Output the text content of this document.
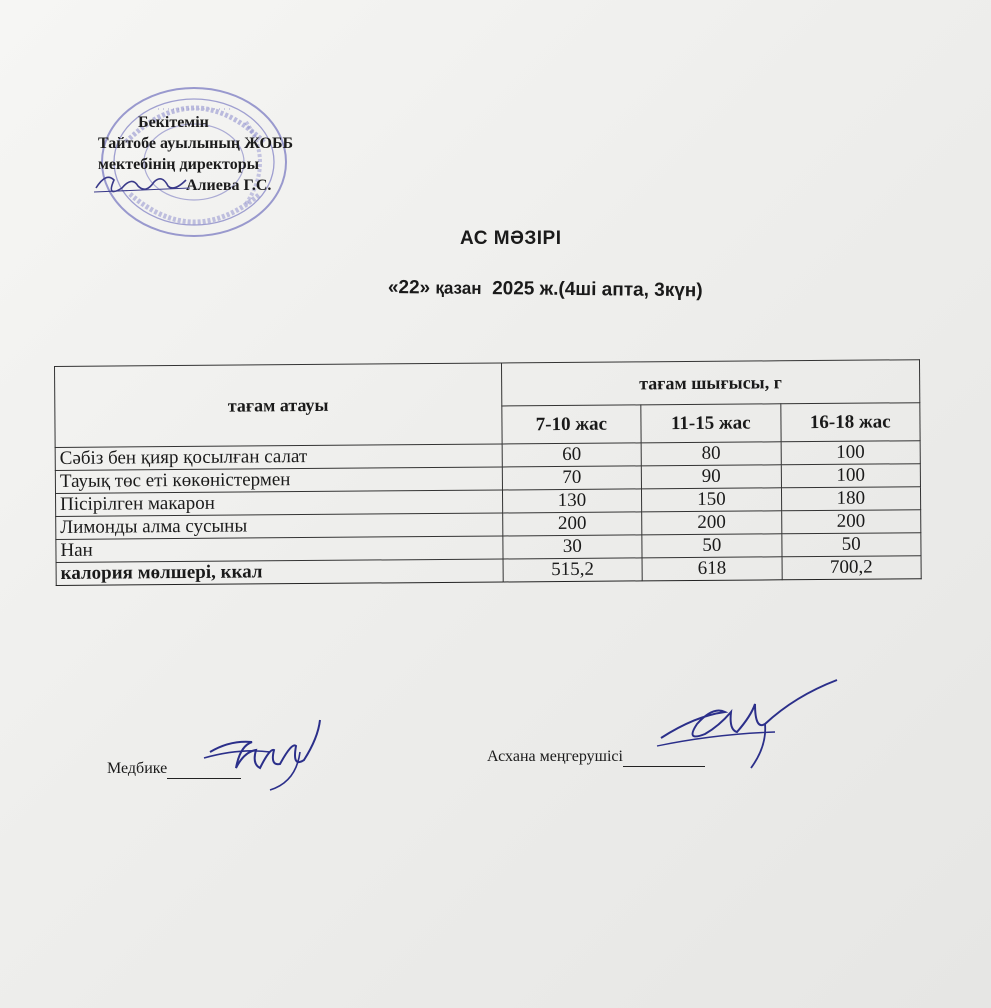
· · · · · · · · · · · · · · ·
Бекітемін
Тайтобе ауылының ЖОББ
мектебінің директоры
Алиева Г.С.
АС МӘЗІРІ
«22» қазан 2025 ж.(4ші апта, 3күн)
тағам атауы	тағам шығысы, г		
	7-10 жас	11-15 жас	16-18 жас
Сәбіз бен қияр қосылған салат	60	80	100
Тауық төс еті көкөністермен	70	90	100
Пісірілген макарон	130	150	180
Лимонды алма сусыны	200	200	200
Нан	30	50	50
калория мөлшері, ккал	515,2	618	700,2
Медбике
Асхана меңгерушісі
